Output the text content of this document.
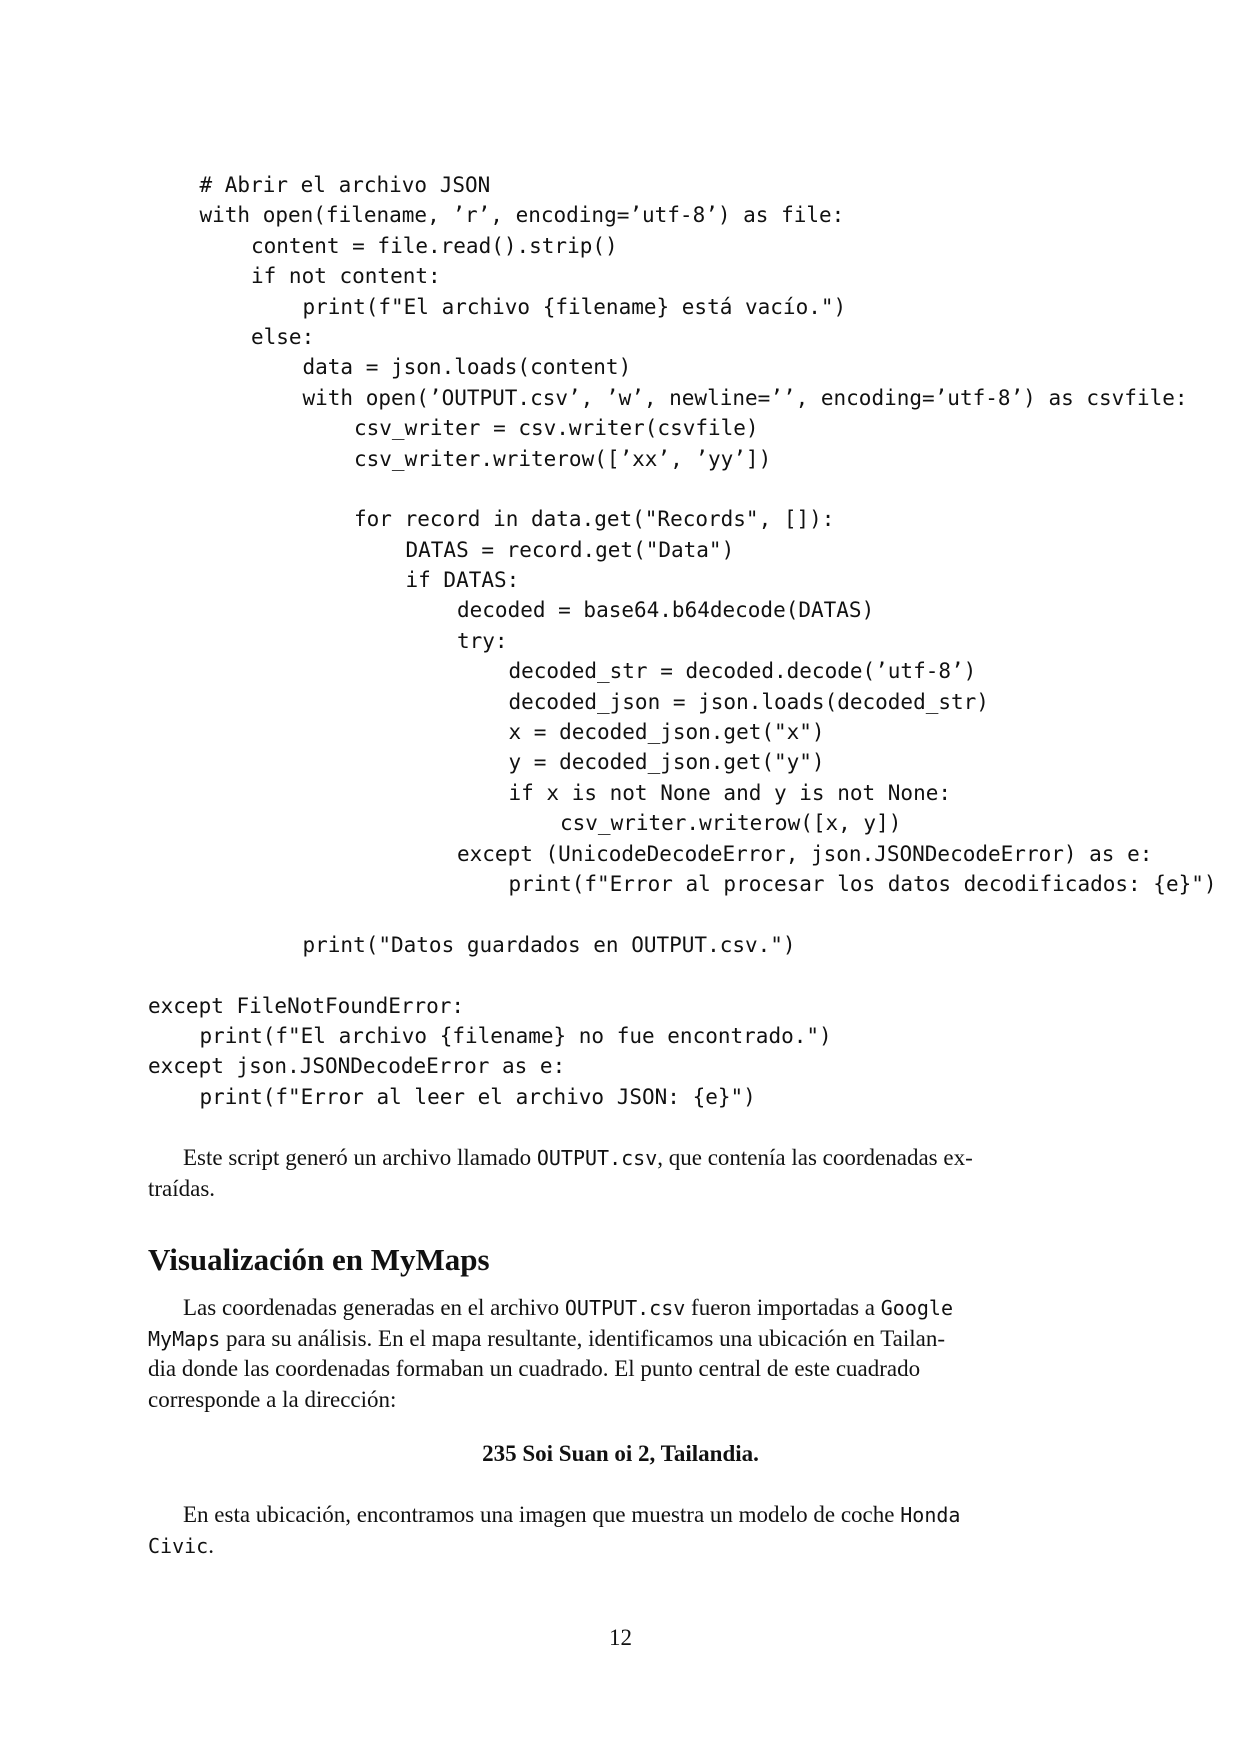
# Abrir el archivo JSON
with open(filename, ’r’, encoding=’utf-8’) as file:
content = file.read().strip()
if not content:
print(f"El archivo {filename} está vacío.")
else:
data = json.loads(content)
with open(’OUTPUT.csv’, ’w’, newline=’’, encoding=’utf-8’) as csvfile:
csv_writer = csv.writer(csvfile)
csv_writer.writerow([’xx’, ’yy’])
for record in data.get("Records", []):
DATAS = record.get("Data")
if DATAS:
decoded = base64.b64decode(DATAS)
try:
decoded_str = decoded.decode(’utf-8’)
decoded_json = json.loads(decoded_str)
x = decoded_json.get("x")
y = decoded_json.get("y")
if x is not None and y is not None:
csv_writer.writerow([x, y])
except (UnicodeDecodeError, json.JSONDecodeError) as e:
print(f"Error al procesar los datos decodificados: {e}")
print("Datos guardados en OUTPUT.csv.")
except FileNotFoundError:
print(f"El archivo {filename} no fue encontrado.")
except json.JSONDecodeError as e:
print(f"Error al leer el archivo JSON: {e}")
Este script generó un archivo llamado OUTPUT.csv, que contenía las coordenadas ex-
traídas.
Visualización en MyMaps
Las coordenadas generadas en el archivo OUTPUT.csv fueron importadas a Google
MyMaps para su análisis. En el mapa resultante, identificamos una ubicación en Tailan-
dia donde las coordenadas formaban un cuadrado. El punto central de este cuadrado
corresponde a la dirección:
235 Soi Suan oi 2, Tailandia.
En esta ubicación, encontramos una imagen que muestra un modelo de coche Honda
Civic.
12
